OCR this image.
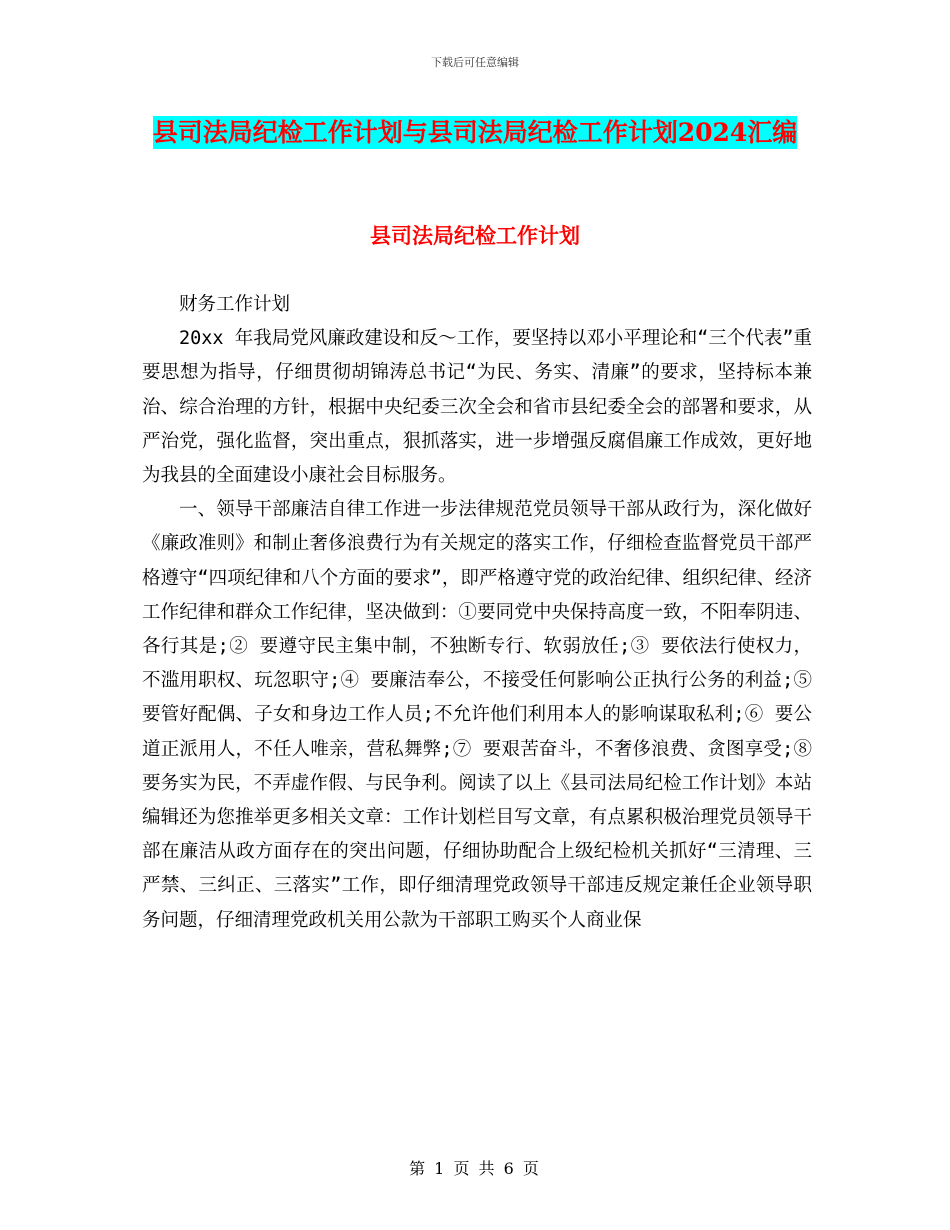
下载后可任意编辑
县司法局纪检工作计划与县司法局纪检工作计划2024汇编
县司法局纪检工作计划

财务工作计划

20xx 年我局党风廉政建设和反～工作，要坚持以邓小平理论和“三个代表”重要思想为指导，仔细贯彻胡锦涛总书记“为民、务实、清廉”的要求，坚持标本兼治、综合治理的方针，根据中央纪委三次全会和省市县纪委全会的部署和要求，从严治党，强化监督，突出重点，狠抓落实，进一步增强反腐倡廉工作成效，更好地为我县的全面建设小康社会目标服务。

一、领导干部廉洁自律工作进一步法律规范党员领导干部从政行为，深化做好《廉政准则》和制止奢侈浪费行为有关规定的落实工作，仔细检查监督党员干部严格遵守“四项纪律和八个方面的要求”，即严格遵守党的政治纪律、组织纪律、经济工作纪律和群众工作纪律，坚决做到：①要同党中央保持高度一致，不阳奉阴违、各行其是;② 要遵守民主集中制，不独断专行、软弱放任;③ 要依法行使权力，不滥用职权、玩忽职守;④ 要廉洁奉公，不接受任何影响公正执行公务的利益;⑤ 要管好配偶、子女和身边工作人员;不允许他们利用本人的影响谋取私利;⑥ 要公道正派用人，不任人唯亲，营私舞弊;⑦ 要艰苦奋斗，不奢侈浪费、贪图享受;⑧ 要务实为民，不弄虚作假、与民争利。阅读了以上《县司法局纪检工作计划》本站编辑还为您推举更多相关文章：工作计划栏目写文章，有点累积极治理党员领导干部在廉洁从政方面存在的突出问题，仔细协助配合上级纪检机关抓好“三清理、三严禁、三纠正、三落实”工作，即仔细清理党政领导干部违反规定兼任企业领导职务问题，仔细清理党政机关用公款为干部职工购买个人商业保

第 1 页 共 6 页
